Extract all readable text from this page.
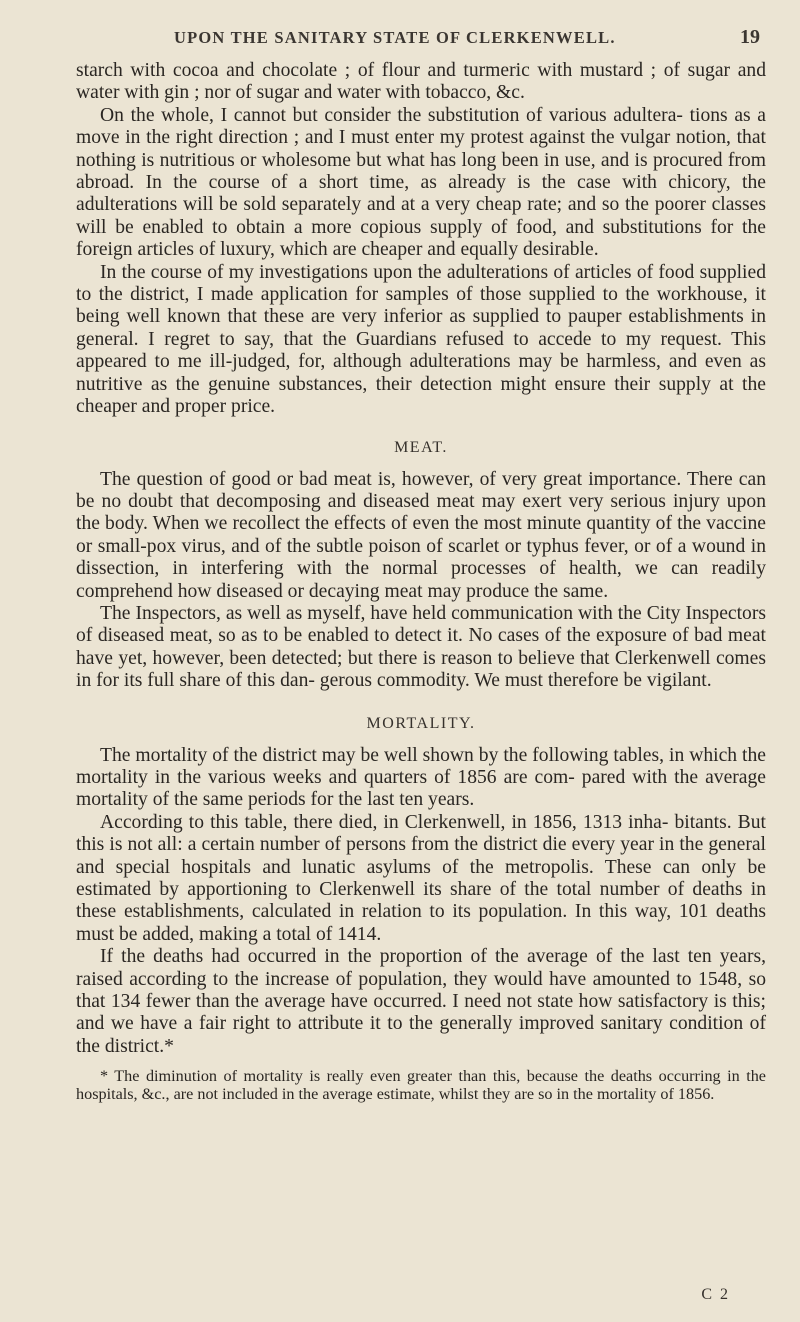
UPON THE SANITARY STATE OF CLERKENWELL.	19

starch with cocoa and chocolate ; of flour and turmeric with mustard ; of sugar and water with gin ; nor of sugar and water with tobacco, &c.

On the whole, I cannot but consider the substitution of various adultera- tions as a move in the right direction ; and I must enter my protest against the vulgar notion, that nothing is nutritious or wholesome but what has long been in use, and is procured from abroad. In the course of a short time, as already is the case with chicory, the adulterations will be sold separately and at a very cheap rate; and so the poorer classes will be enabled to obtain a more copious supply of food, and substitutions for the foreign articles of luxury, which are cheaper and equally desirable.

In the course of my investigations upon the adulterations of articles of food supplied to the district, I made application for samples of those supplied to the workhouse, it being well known that these are very inferior as supplied to pauper establishments in general. I regret to say, that the Guardians refused to accede to my request. This appeared to me ill-judged, for, although adulterations may be harmless, and even as nutritive as the genuine substances, their detection might ensure their supply at the cheaper and proper price.

MEAT.

The question of good or bad meat is, however, of very great importance. There can be no doubt that decomposing and diseased meat may exert very serious injury upon the body. When we recollect the effects of even the most minute quantity of the vaccine or small-pox virus, and of the subtle poison of scarlet or typhus fever, or of a wound in dissection, in interfering with the normal processes of health, we can readily comprehend how diseased or decaying meat may produce the same.

The Inspectors, as well as myself, have held communication with the City Inspectors of diseased meat, so as to be enabled to detect it. No cases of the exposure of bad meat have yet, however, been detected; but there is reason to believe that Clerkenwell comes in for its full share of this dan- gerous commodity. We must therefore be vigilant.

MORTALITY.

The mortality of the district may be well shown by the following tables, in which the mortality in the various weeks and quarters of 1856 are com- pared with the average mortality of the same periods for the last ten years.

According to this table, there died, in Clerkenwell, in 1856, 1313 inha- bitants. But this is not all: a certain number of persons from the district die every year in the general and special hospitals and lunatic asylums of the metropolis. These can only be estimated by apportioning to Clerkenwell its share of the total number of deaths in these establishments, calculated in relation to its population. In this way, 101 deaths must be added, making a total of 1414.

If the deaths had occurred in the proportion of the average of the last ten years, raised according to the increase of population, they would have amounted to 1548, so that 134 fewer than the average have occurred. I need not state how satisfactory is this; and we have a fair right to attribute it to the generally improved sanitary condition of the district.*

* The diminution of mortality is really even greater than this, because the deaths occurring in the hospitals, &c., are not included in the average estimate, whilst they are so in the mortality of 1856.

C 2
